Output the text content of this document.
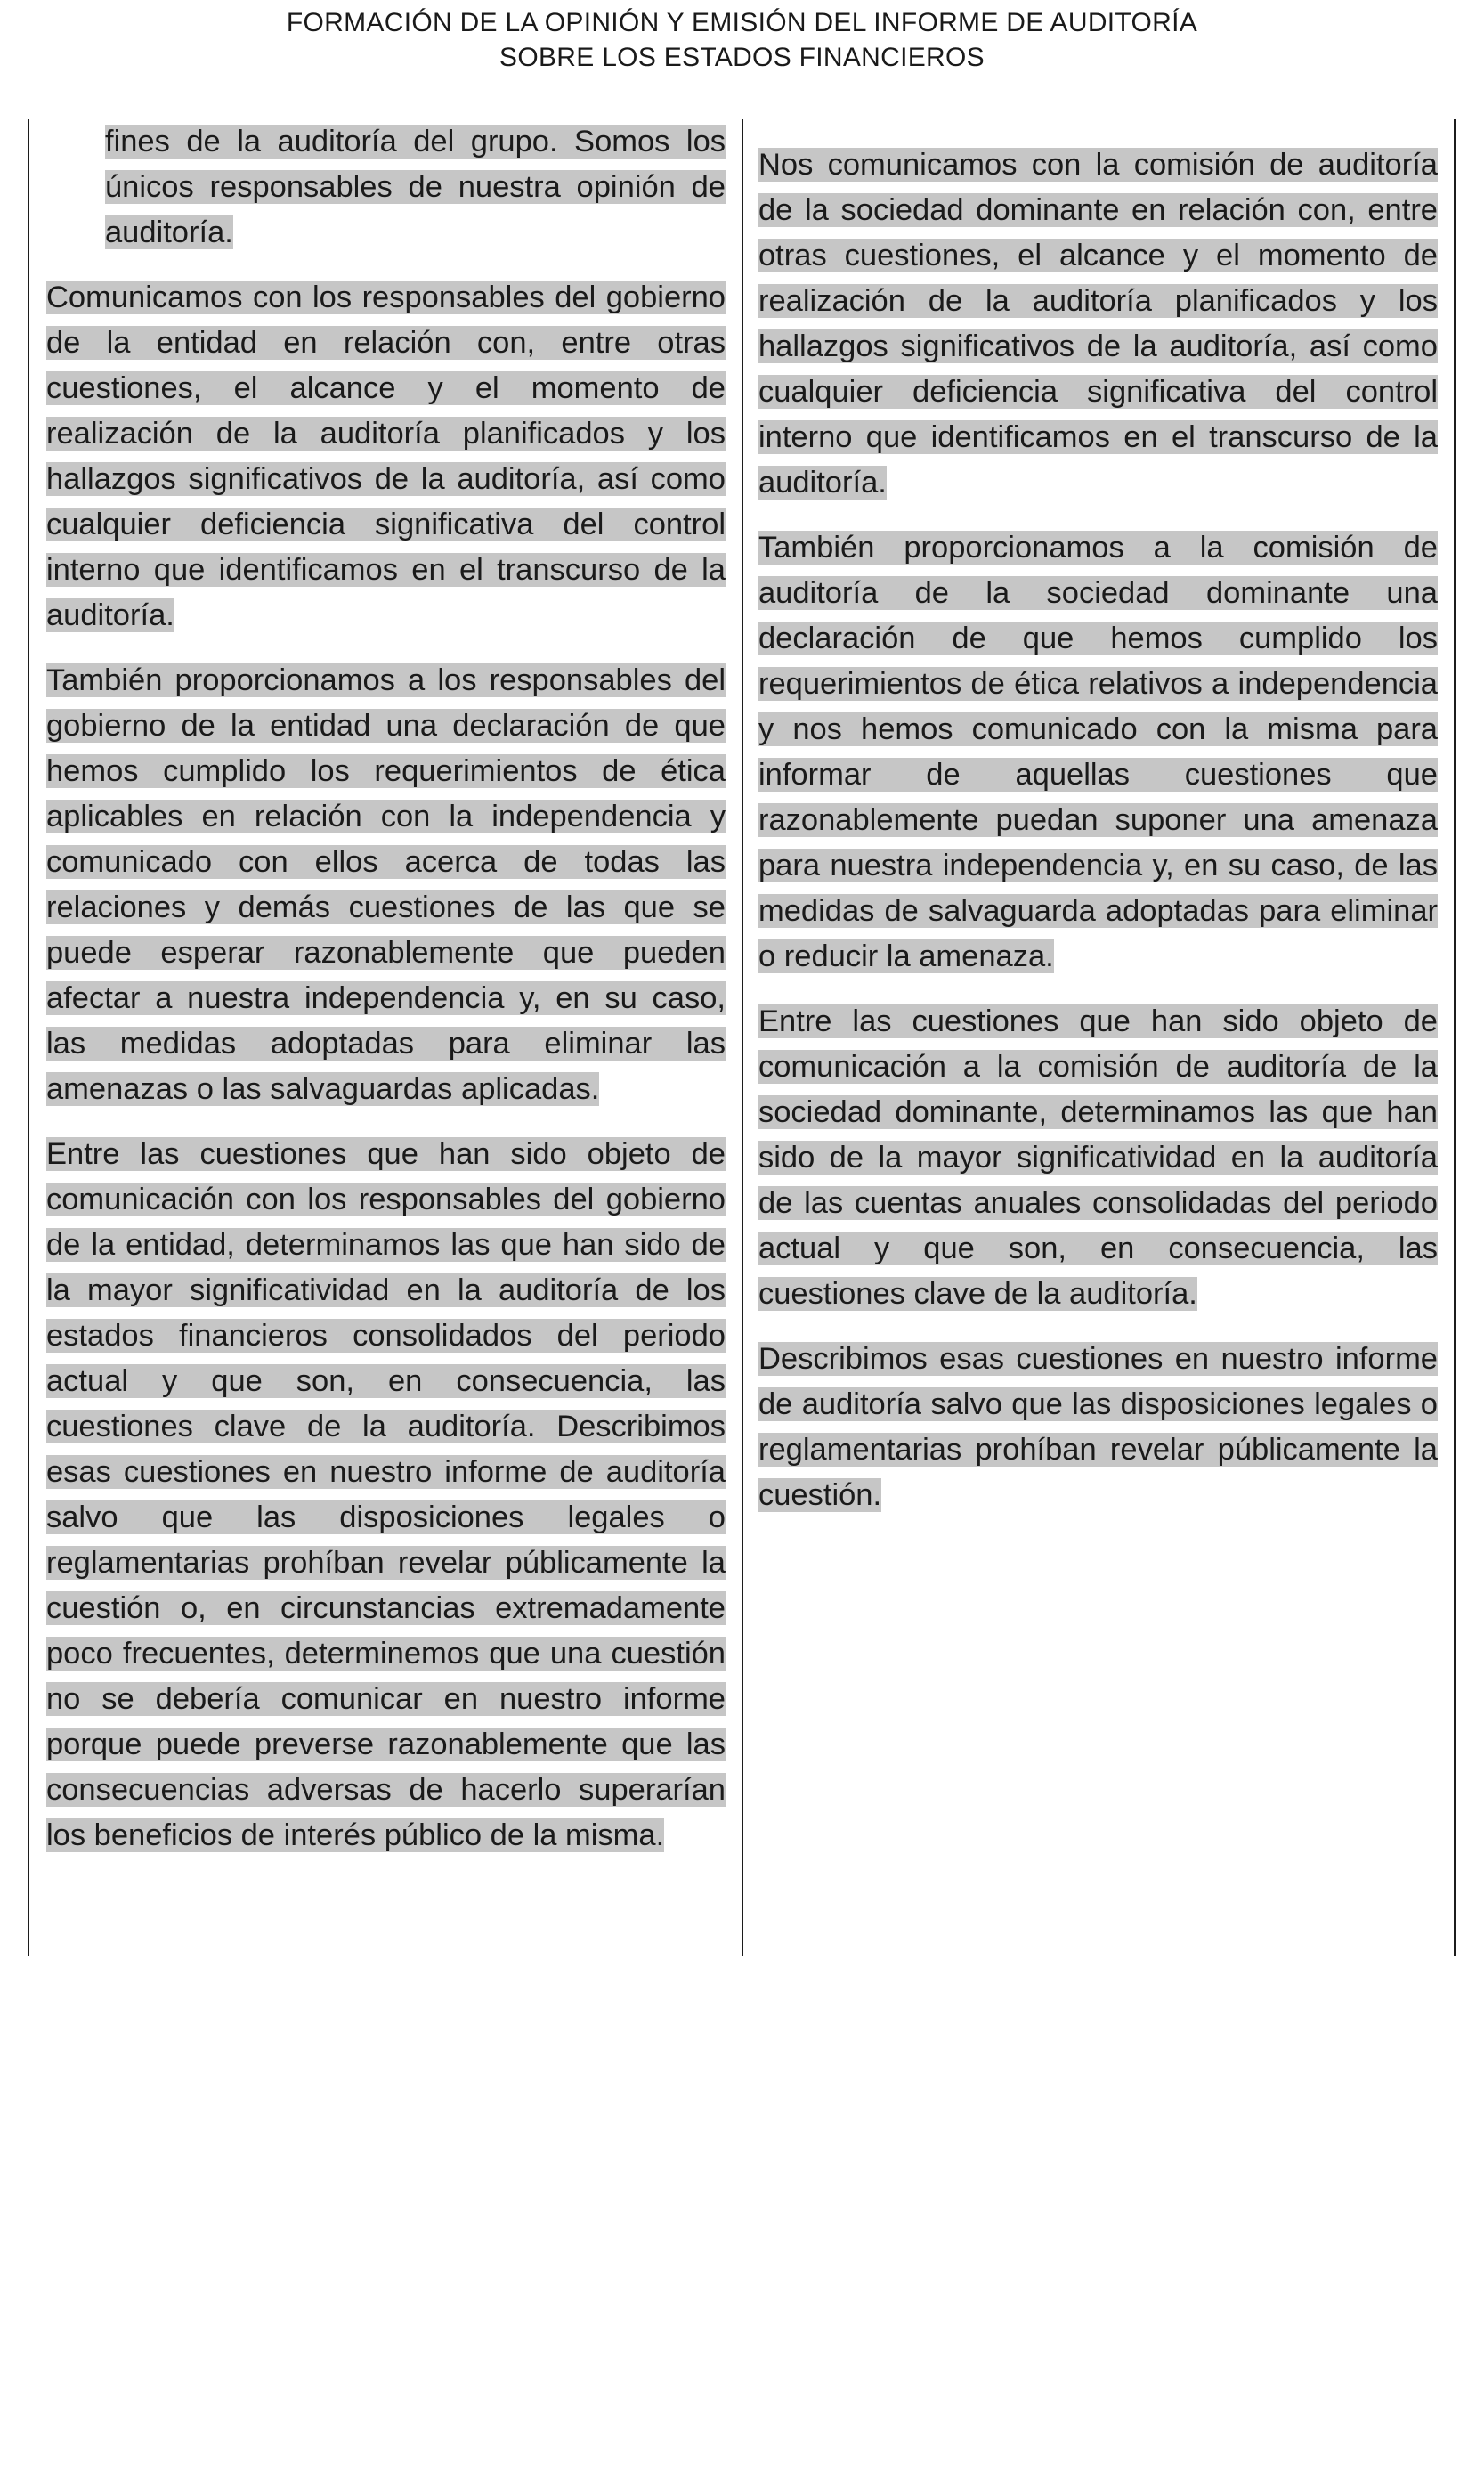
FORMACIÓN DE LA OPINIÓN Y EMISIÓN DEL INFORME DE AUDITORÍA
SOBRE LOS ESTADOS FINANCIEROS

fines de la auditoría del grupo. Somos los únicos responsables de nuestra opinión de auditoría.

Comunicamos con los responsables del gobierno de la entidad en relación con, entre otras cuestiones, el alcance y el momento de realización de la auditoría planificados y los hallazgos significativos de la auditoría, así como cualquier deficiencia significativa del control interno que identificamos en el transcurso de la auditoría.

También proporcionamos a los responsables del gobierno de la entidad una declaración de que hemos cumplido los requerimientos de ética aplicables en relación con la independencia y comunicado con ellos acerca de todas las relaciones y demás cuestiones de las que se puede esperar razonablemente que pueden afectar a nuestra independencia y, en su caso, las medidas adoptadas para eliminar las amenazas o las salvaguardas aplicadas.

Entre las cuestiones que han sido objeto de comunicación con los responsables del gobierno de la entidad, determinamos las que han sido de la mayor significatividad en la auditoría de los estados financieros consolidados del periodo actual y que son, en consecuencia, las cuestiones clave de la auditoría. Describimos esas cuestiones en nuestro informe de auditoría salvo que las disposiciones legales o reglamentarias prohíban revelar públicamente la cuestión o, en circunstancias extremadamente poco frecuentes, determinemos que una cuestión no se debería comunicar en nuestro informe porque puede preverse razonablemente que las consecuencias adversas de hacerlo superarían los beneficios de interés público de la misma.

Nos comunicamos con la comisión de auditoría de la sociedad dominante en relación con, entre otras cuestiones, el alcance y el momento de realización de la auditoría planificados y los hallazgos significativos de la auditoría, así como cualquier deficiencia significativa del control interno que identificamos en el transcurso de la auditoría.

También proporcionamos a la comisión de auditoría de la sociedad dominante una declaración de que hemos cumplido los requerimientos de ética relativos a independencia y nos hemos comunicado con la misma para informar de aquellas cuestiones que razonablemente puedan suponer una amenaza para nuestra independencia y, en su caso, de las medidas de salvaguarda adoptadas para eliminar o reducir la amenaza.

Entre las cuestiones que han sido objeto de comunicación a la comisión de auditoría de la sociedad dominante, determinamos las que han sido de la mayor significatividad en la auditoría de las cuentas anuales consolidadas del periodo actual y que son, en consecuencia, las cuestiones clave de la auditoría.

Describimos esas cuestiones en nuestro informe de auditoría salvo que las disposiciones legales o reglamentarias prohíban revelar públicamente la cuestión.
